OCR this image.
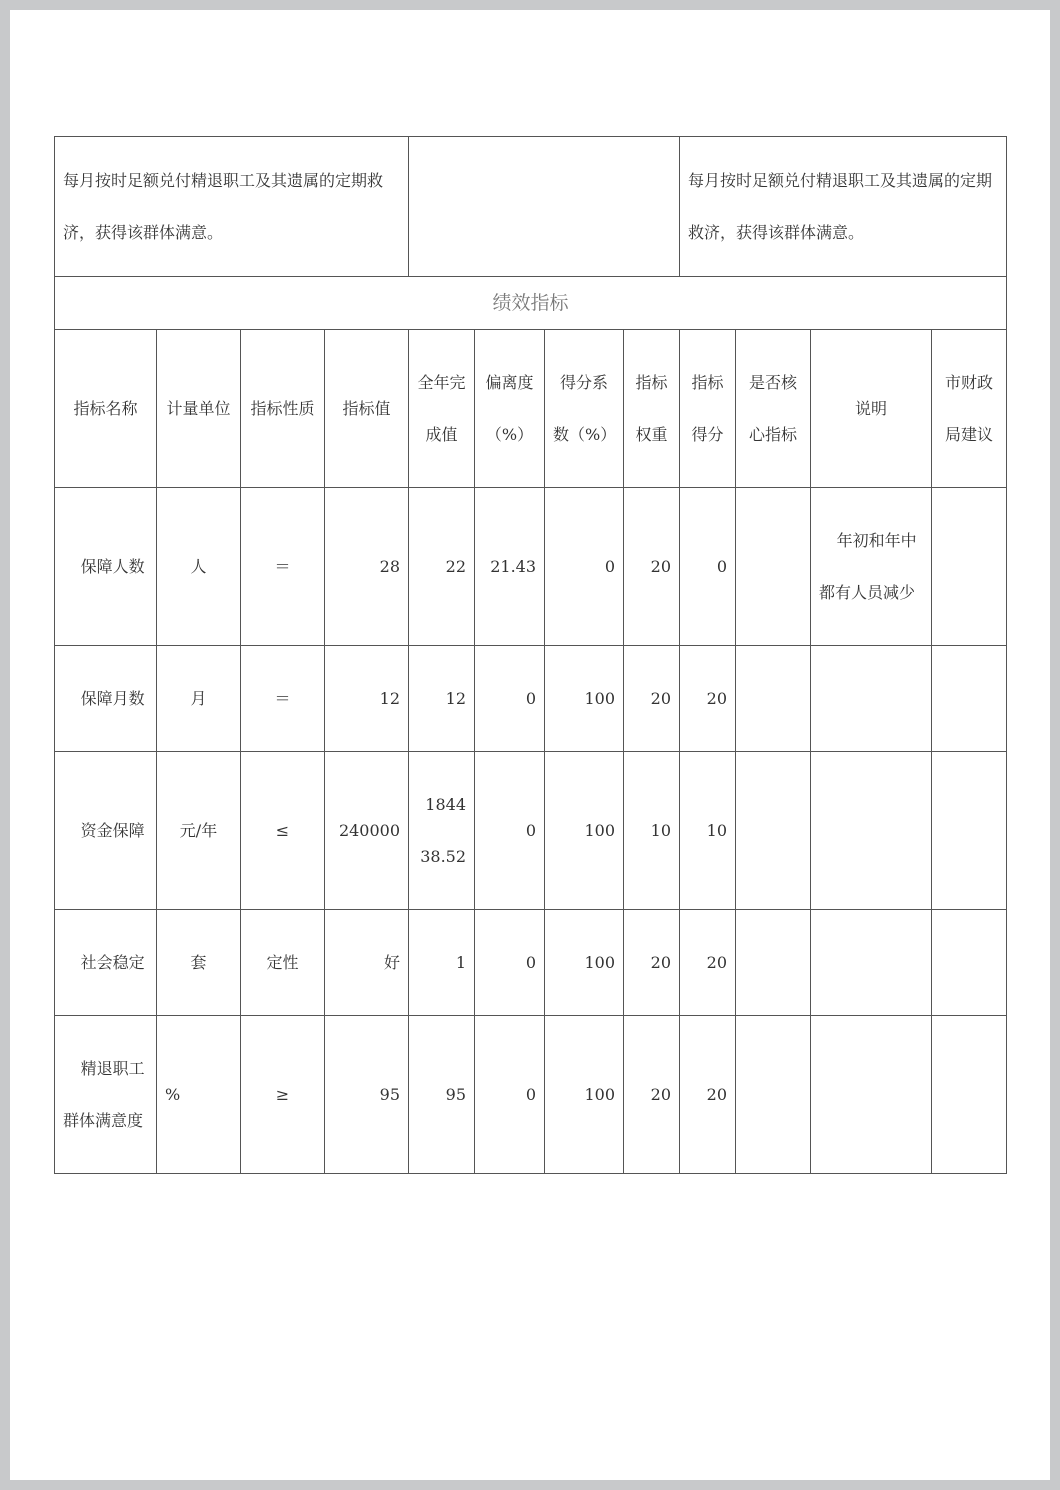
每月按时足额兑付精退职工及其遗属的定期救济，获得该群体满意。								每月按时足额兑付精退职工及其遗属的定期救济，获得该群体满意。			
绩效指标											
指标名称	计量单位	指标性质	指标值	全年完成值	偏离度（%）	得分系数（%）	指标权重	指标得分	是否核心指标	说明	市财政局建议
保障人数	人	＝	28	22	21.43	0	20	0		年初和年中都有人员减少	
保障月数	月	＝	12	12	0	100	20	20			
资金保障	元/年	≤	240000	184438.52	0	100	10	10			
社会稳定	套	定性	好	1	0	100	20	20			
精退职工群体满意度	%	≥	95	95	0	100	20	20			
